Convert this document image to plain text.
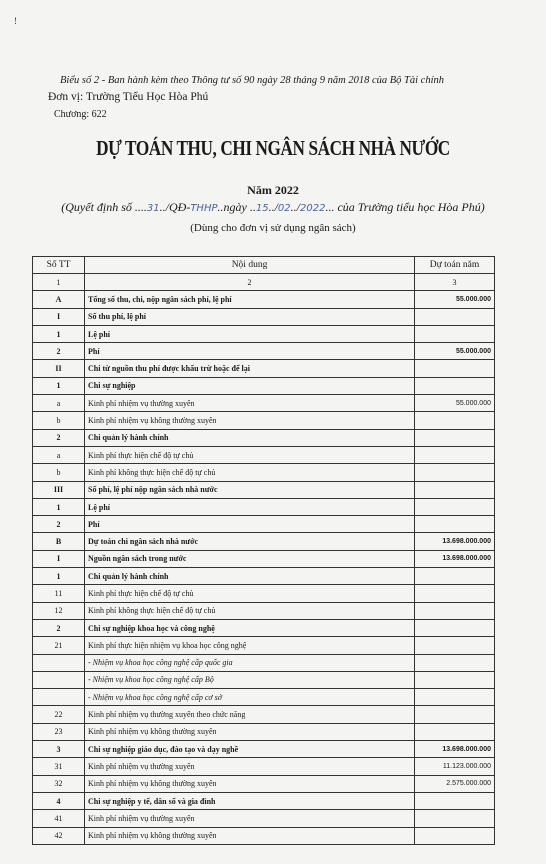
!
Biểu số 2 - Ban hành kèm theo Thông tư số 90 ngày 28 tháng 9 năm 2018 của Bộ Tài chính
Đơn vị: Trường Tiểu Học Hòa Phú
Chương: 622
DỰ TOÁN THU, CHI NGÂN SÁCH NHÀ NƯỚC
Năm 2022
(Quyết định số ....31../QĐ-THHP..ngày ..15../02../2022... của Trường tiểu học Hòa Phú)
(Dùng cho đơn vị sử dụng ngân sách)
Số TT	Nội dung	Dự toán năm
1	2	3
A	Tổng số thu, chi, nộp ngân sách phí, lệ phí	55.000.000
I	Số thu phí, lệ phí	
1	Lệ phí	
2	Phí	55.000.000
II	Chi từ nguồn thu phí được khấu trừ hoặc để lại	
1	Chi sự nghiệp	
a	Kinh phí nhiệm vụ thường xuyên	55.000.000
b	Kinh phí nhiệm vụ không thường xuyên	
2	Chi quản lý hành chính	
a	Kinh phí thực hiện chế độ tự chủ	
b	Kinh phí không thực hiện chế độ tự chủ	
III	Số phí, lệ phí nộp ngân sách nhà nước	
1	Lệ phí	
2	Phí	
B	Dự toán chi ngân sách nhà nước	13.698.000.000
I	Nguồn ngân sách trong nước	13.698.000.000
1	Chi quản lý hành chính	
11	Kinh phí thực hiện chế độ tự chủ	
12	Kinh phí không thực hiện chế độ tự chủ	
2	Chi sự nghiệp khoa học và công nghệ	
21	Kinh phí thực hiện nhiệm vụ khoa học công nghệ	
	- Nhiệm vụ khoa học công nghệ cấp quốc gia	
	- Nhiệm vụ khoa học công nghệ cấp Bộ	
	- Nhiệm vụ khoa học công nghệ cấp cơ sở	
22	Kinh phí nhiệm vụ thường xuyên theo chức năng	
23	Kinh phí nhiệm vụ không thường xuyên	
3	Chi sự nghiệp giáo dục, đào tạo và dạy nghề	13.698.000.000
31	Kinh phí nhiệm vụ thường xuyên	11.123.000.000
32	Kinh phí nhiệm vụ không thường xuyên	2.575.000.000
4	Chi sự nghiệp y tế, dân số và gia đình	
41	Kinh phí nhiệm vụ thường xuyên	
42	Kinh phí nhiệm vụ không thường xuyên	
